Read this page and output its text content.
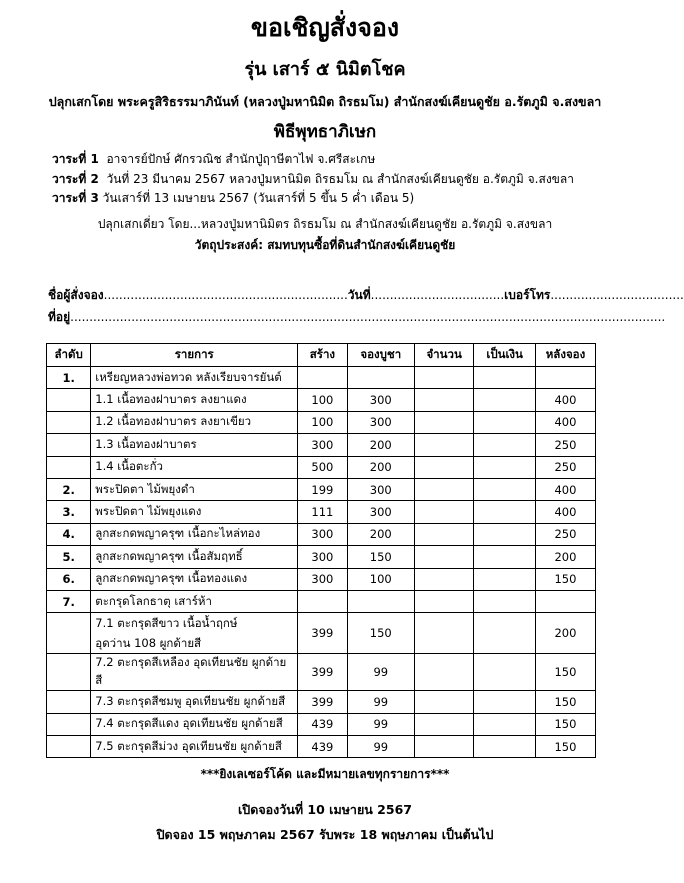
ขอเชิญสั่งจอง
รุ่น เสาร์ ๕ นิมิตโชค
ปลุกเสกโดย พระครูสิริธรรมาภินันท์ (หลวงปู่มหานิมิต ถิรธมโม) สำนักสงฆ์เคียนดูชัย อ.รัตภูมิ จ.สงขลา
พิธีพุทธาภิเษก
วาระที่ 1 อาจารย์ปักษ์ ศักรวณิช สำนักปู่ฤาษีตาไฟ จ.ศรีสะเกษ
วาระที่ 2 วันที่ 23 มีนาคม 2567 หลวงปู่มหานิมิต ถิรธมโม ณ สำนักสงฆ์เคียนดูชัย อ.รัตภูมิ จ.สงขลา
วาระที่ 3 วันเสาร์ที่ 13 เมษายน 2567 (วันเสาร์ที่ 5 ขึ้น 5 ค่ำ เดือน 5)
ปลุกเสกเดี่ยว โดย...หลวงปู่มหานิมิตร ถิรธมโม ณ สำนักสงฆ์เคียนดูชัย อ.รัตภูมิ จ.สงขลา
วัตถุประสงค์: สมทบทุนซื้อที่ดินสำนักสงฆ์เคียนดูชัย
ชื่อผู้สั่งจอง................................................................วันที่...................................เบอร์โทร...................................
ที่อยู่............................................................................................................................................................
ลำดับ	รายการ	สร้าง	จองบูชา	จำนวน	เป็นเงิน	หลังจอง
1.	เหรียญหลวงพ่อทวด หลังเรียบจารยันต์					
	1.1 เนื้อทองฝาบาตร ลงยาแดง	100	300			400
	1.2 เนื้อทองฝาบาตร ลงยาเขียว	100	300			400
	1.3 เนื้อทองฝาบาตร	300	200			250
	1.4 เนื้อตะกั่ว	500	200			250
2.	พระปิดตา ไม้พยุงดำ	199	300			400
3.	พระปิดตา ไม้พยุงแดง	111	300			400
4.	ลูกสะกดพญาครุฑ เนื้อกะไหล่ทอง	300	200			250
5.	ลูกสะกดพญาครุฑ เนื้อสัมฤทธิ์	300	150			200
6.	ลูกสะกดพญาครุฑ เนื้อทองแดง	300	100			150
7.	ตะกรุดโลกธาตุ เสาร์ห้า					

	7.1 ตะกรุดสีขาว เนื้อน้ำฤกษ์
อุดว่าน 108 ผูกด้ายสี	399	150			200
	7.2 ตะกรุดสีเหลือง อุดเทียนชัย ผูกด้ายสี	399	99			150
	7.3 ตะกรุดสีชมพู อุดเทียนชัย ผูกด้ายสี	399	99			150
	7.4 ตะกรุดสีแดง อุดเทียนชัย ผูกด้ายสี	439	99			150
	7.5 ตะกรุดสีม่วง อุดเทียนชัย ผูกด้ายสี	439	99			150
***ยิงเลเซอร์โค้ด และมีหมายเลขทุกรายการ***
เปิดจองวันที่ 10 เมษายน 2567
ปิดจอง 15 พฤษภาคม 2567 รับพระ 18 พฤษภาคม เป็นต้นไป
